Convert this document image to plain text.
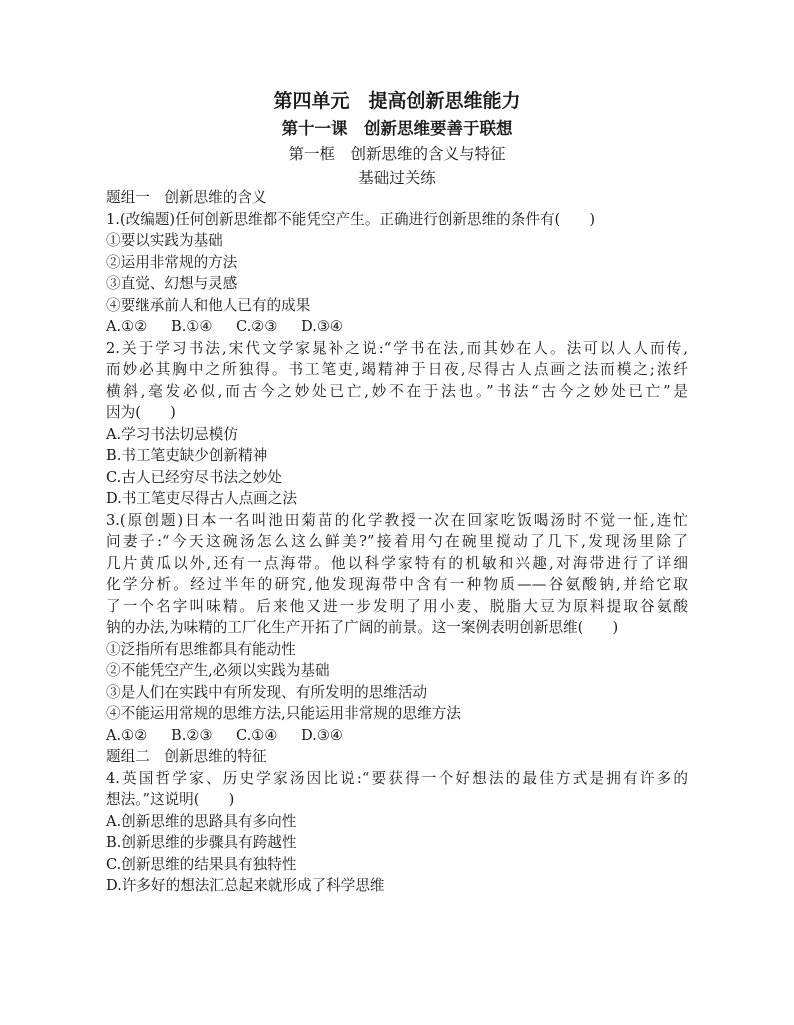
第四单元　提高创新思维能力
第十一课　创新思维要善于联想
第一框　创新思维的含义与特征
基础过关练
题组一　创新思维的含义
1.(改编题)任何创新思维都不能凭空产生。正确进行创新思维的条件有(　　)
①要以实践为基础
②运用非常规的方法
③直觉、幻想与灵感
④要继承前人和他人已有的成果
A.①②	B.①④	C.②③	D.③④
2.关于学习书法,宋代文学家晁补之说:“学书在法,而其妙在人。法可以人人而传,
而妙必其胸中之所独得。书工笔吏,竭精神于日夜,尽得古人点画之法而模之;浓纤
横斜,毫发必似,而古今之妙处已亡,妙不在于法也。”书法“古今之妙处已亡”是
因为(　　)
A.学习书法切忌模仿
B.书工笔吏缺少创新精神
C.古人已经穷尽书法之妙处
D.书工笔吏尽得古人点画之法
3.(原创题)日本一名叫池田菊苗的化学教授一次在回家吃饭喝汤时不觉一怔,连忙
问妻子:“今天这碗汤怎么这么鲜美?”接着用勺在碗里搅动了几下,发现汤里除了
几片黄瓜以外,还有一点海带。他以科学家特有的机敏和兴趣,对海带进行了详细
化学分析。经过半年的研究,他发现海带中含有一种物质——谷氨酸钠,并给它取
了一个名字叫味精。后来他又进一步发明了用小麦、脱脂大豆为原料提取谷氨酸
钠的办法,为味精的工厂化生产开拓了广阔的前景。这一案例表明创新思维(　　)
①泛指所有思维都具有能动性
②不能凭空产生,必须以实践为基础
③是人们在实践中有所发现、有所发明的思维活动
④不能运用常规的思维方法,只能运用非常规的思维方法
A.①②	B.②③	C.①④	D.③④
题组二　创新思维的特征
4.英国哲学家、历史学家汤因比说:“要获得一个好想法的最佳方式是拥有许多的
想法。”这说明(　　)
A.创新思维的思路具有多向性
B.创新思维的步骤具有跨越性
C.创新思维的结果具有独特性
D.许多好的想法汇总起来就形成了科学思维
